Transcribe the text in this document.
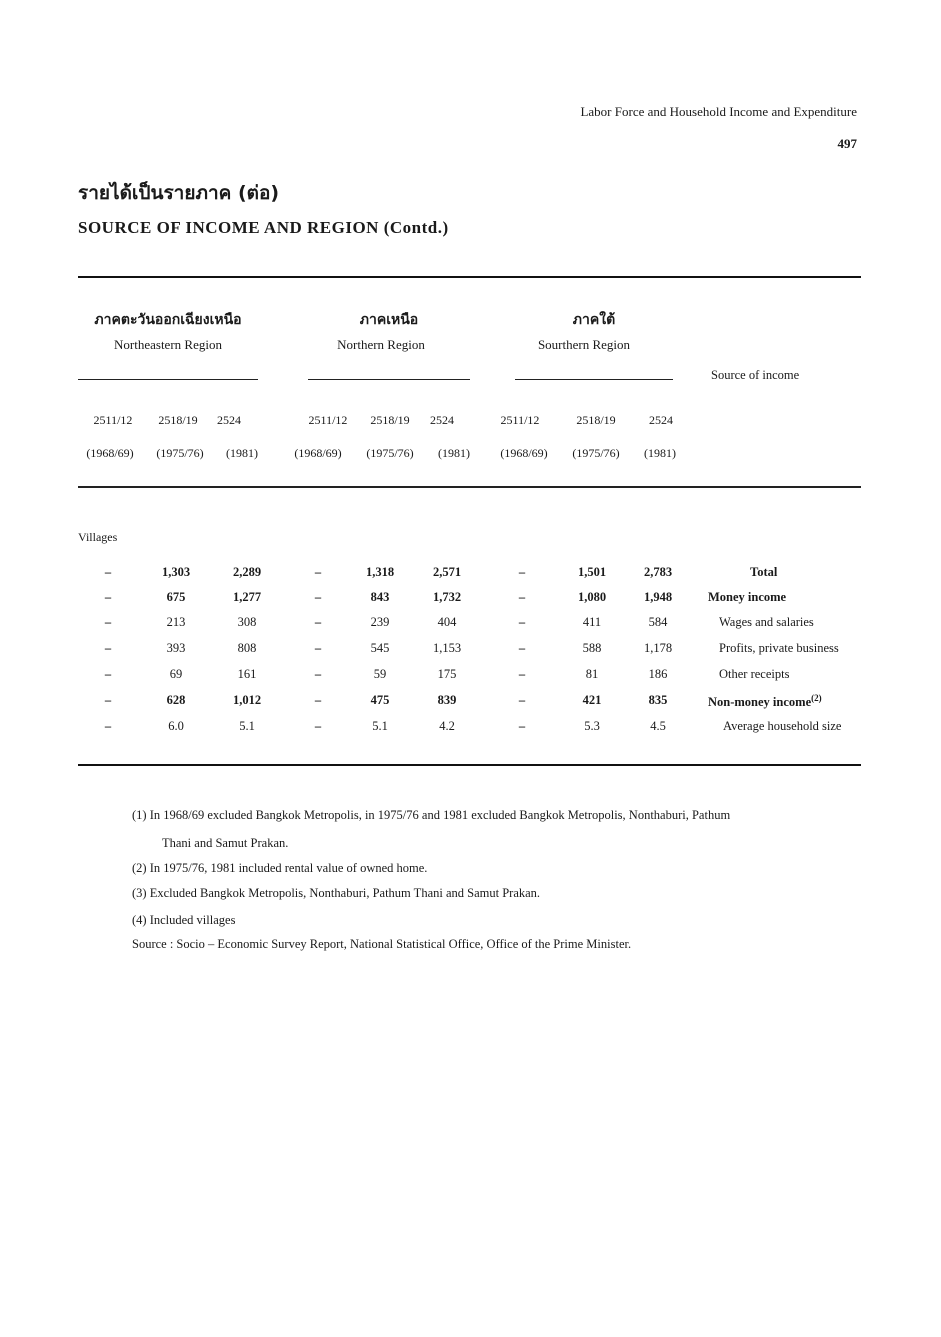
Labor Force and Household Income and Expenditure
497
รายได้เป็นรายภาค (ต่อ)
SOURCE OF INCOME AND REGION (Contd.)
ภาคตะวันออกเฉียงเหนือ
Northeastern Region
ภาคเหนือ
Northern Region
ภาคใต้
Sourthern Region
Source of income
2511/12	2518/19	2524	2511/12	2518/19	2524	2511/12	2518/19	2524
(1968/69)	(1975/76)	(1981)	(1968/69)	(1975/76)	(1981)	(1968/69)	(1975/76)	(1981)
Villages
–	1,303	2,289	–	1,318	2,571	–	1,501	2,783	Total
–	675	1,277	–	843	1,732	–	1,080	1,948	Money income
–	213	308	–	239	404	–	411	584	Wages and salaries
–	393	808	–	545	1,153	–	588	1,178	Profits, private business
–	69	161	–	59	175	–	81	186	Other receipts
–	628	1,012	–	475	839	–	421	835	Non-money income$^{(2)}$
–	6.0	5.1	–	5.1	4.2	–	5.3	4.5	Average household size
(1) In 1968/69 excluded Bangkok Metropolis, in 1975/76 and 1981 excluded Bangkok Metropolis, Nonthaburi, Pathum
Thani and Samut Prakan.
(2) In 1975/76, 1981 included rental value of owned home.
(3) Excluded Bangkok Metropolis, Nonthaburi, Pathum Thani and Samut Prakan.
(4) Included villages
Source : Socio – Economic Survey Report, National Statistical Office, Office of the Prime Minister.
